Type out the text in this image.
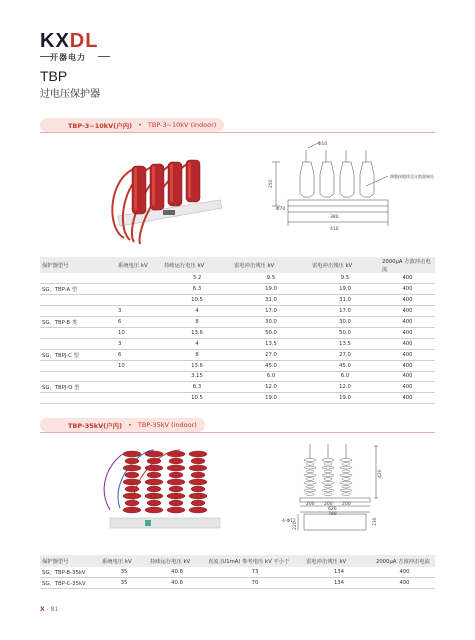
KXDL
开器电力
TBP
过电压保护器
TBP-3~10kV(户内) • TBP-3~10kV (indoor)
Φ10
250
Φ70
380
410
调整接地线至计数器端处
保护器型号	系统电压 kV	持续运行电压 kV	雷电冲击残压 kV	雷电冲击残压 kV	2000μA 方波冲击电流
		3.2	9.5	9.5	400
SG、TBP-A 型		6.3	19.0	19.0	400
		10.5	31.0	31.0	400
	3	4	17.0	17.0	400
SG、TBP-B 类	6	8	30.0	30.0	400
	10	13.6	50.0	50.0	400
	3	4	13.5	13.5	400
SG、TBPJ-C 型	6	8	27.0	27.0	400
	10	13.6	45.0	45.0	400
		3.15	6.0	6.0	400
SG、TBPJ-O 型		6.3	12.0	12.0	400
		10.5	19.0	19.0	400
TBP-35kV(户内) • TBP-35kV (indoor)
420
200 200 200
620
780
4-Φ12
220	230
保护器型号	系统电压 kV	持续运行电压 kV	直流 (U1mA) 参考电压 kV 不小于	雷电冲击残压 kV	2000μA 方波冲击电流
SG、TBP-B-35kV	35	40.8	73	134	400
SG、TBP-C-35kV	35	40.8	70	134	400
X - 81
